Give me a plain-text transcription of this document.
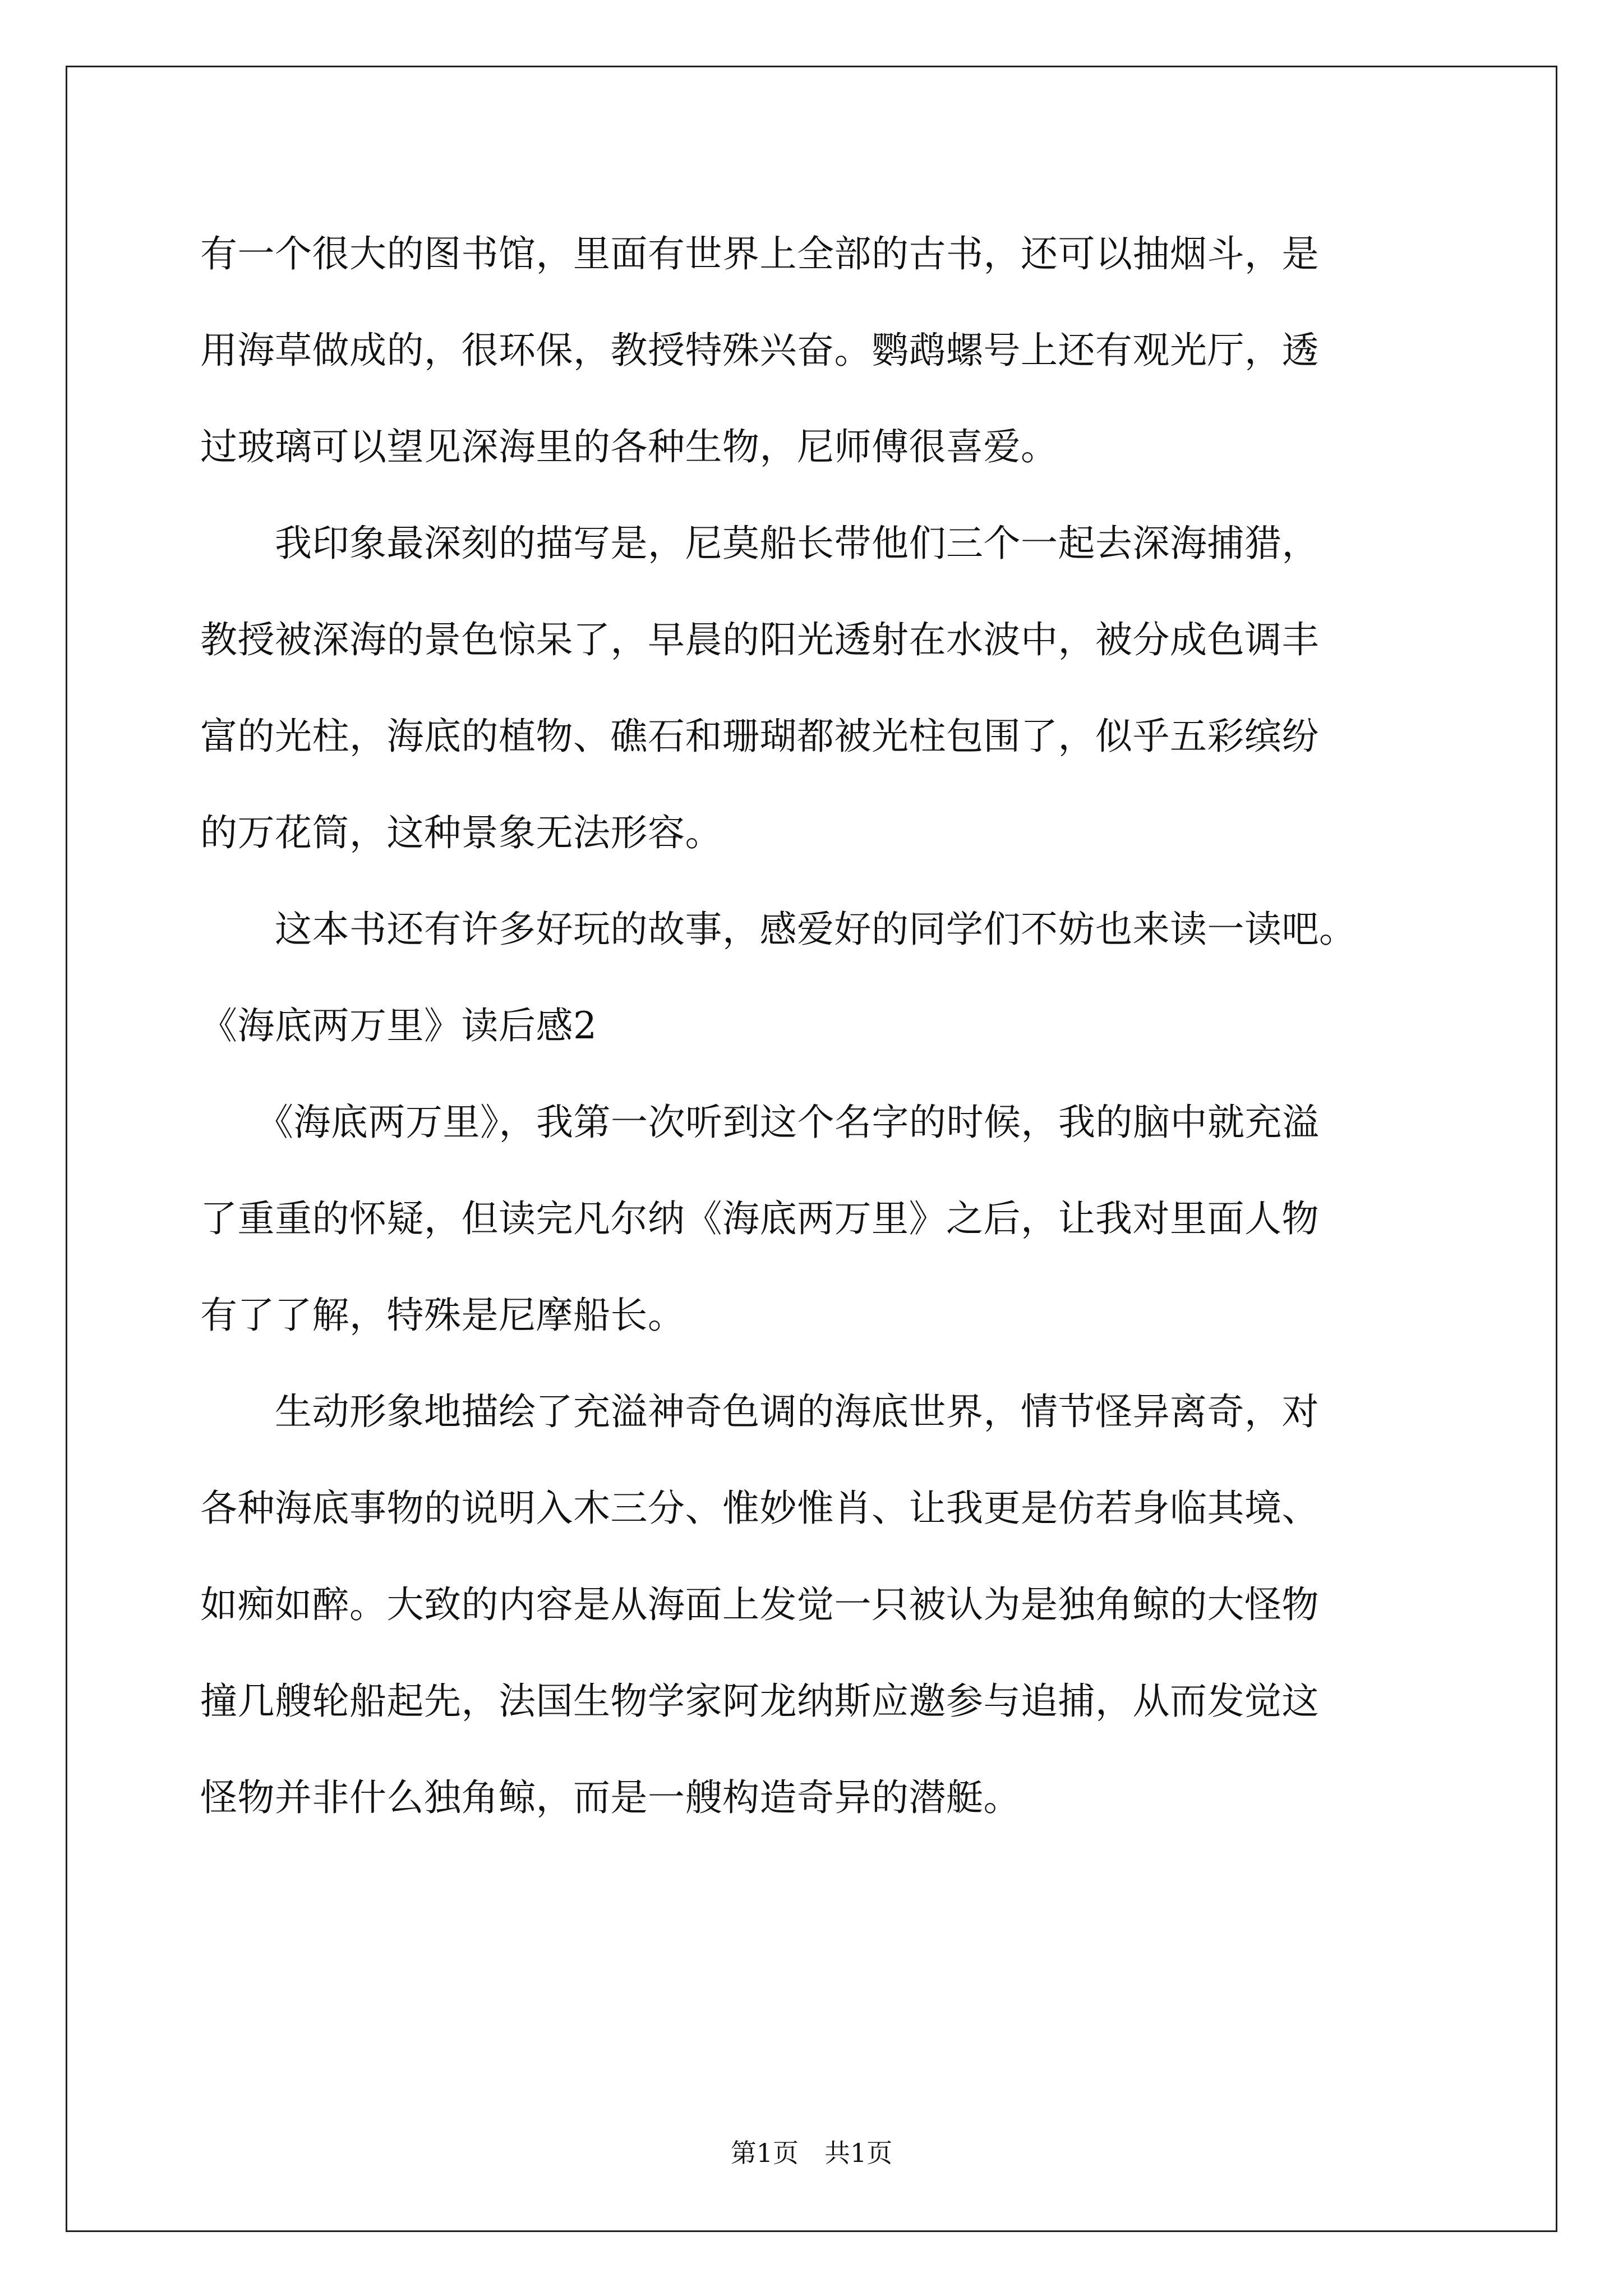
有一个很大的图书馆，里面有世界上全部的古书，还可以抽烟斗，是
用海草做成的，很环保，教授特殊兴奋。鹦鹉螺号上还有观光厅，透
过玻璃可以望见深海里的各种生物，尼师傅很喜爱。
　　我印象最深刻的描写是，尼莫船长带他们三个一起去深海捕猎，
教授被深海的景色惊呆了，早晨的阳光透射在水波中，被分成色调丰
富的光柱，海底的植物、礁石和珊瑚都被光柱包围了，似乎五彩缤纷
的万花筒，这种景象无法形容。
　　这本书还有许多好玩的故事，感爱好的同学们不妨也来读一读吧。
《海底两万里》读后感2
　　《海底两万里》，我第一次听到这个名字的时候，我的脑中就充溢
了重重的怀疑，但读完凡尔纳《海底两万里》之后，让我对里面人物
有了了解，特殊是尼摩船长。
　　生动形象地描绘了充溢神奇色调的海底世界，情节怪异离奇，对
各种海底事物的说明入木三分、惟妙惟肖、让我更是仿若身临其境、
如痴如醉。大致的内容是从海面上发觉一只被认为是独角鲸的大怪物
撞几艘轮船起先，法国生物学家阿龙纳斯应邀参与追捕，从而发觉这
怪物并非什么独角鲸，而是一艘构造奇异的潜艇。
第1页　共1页
